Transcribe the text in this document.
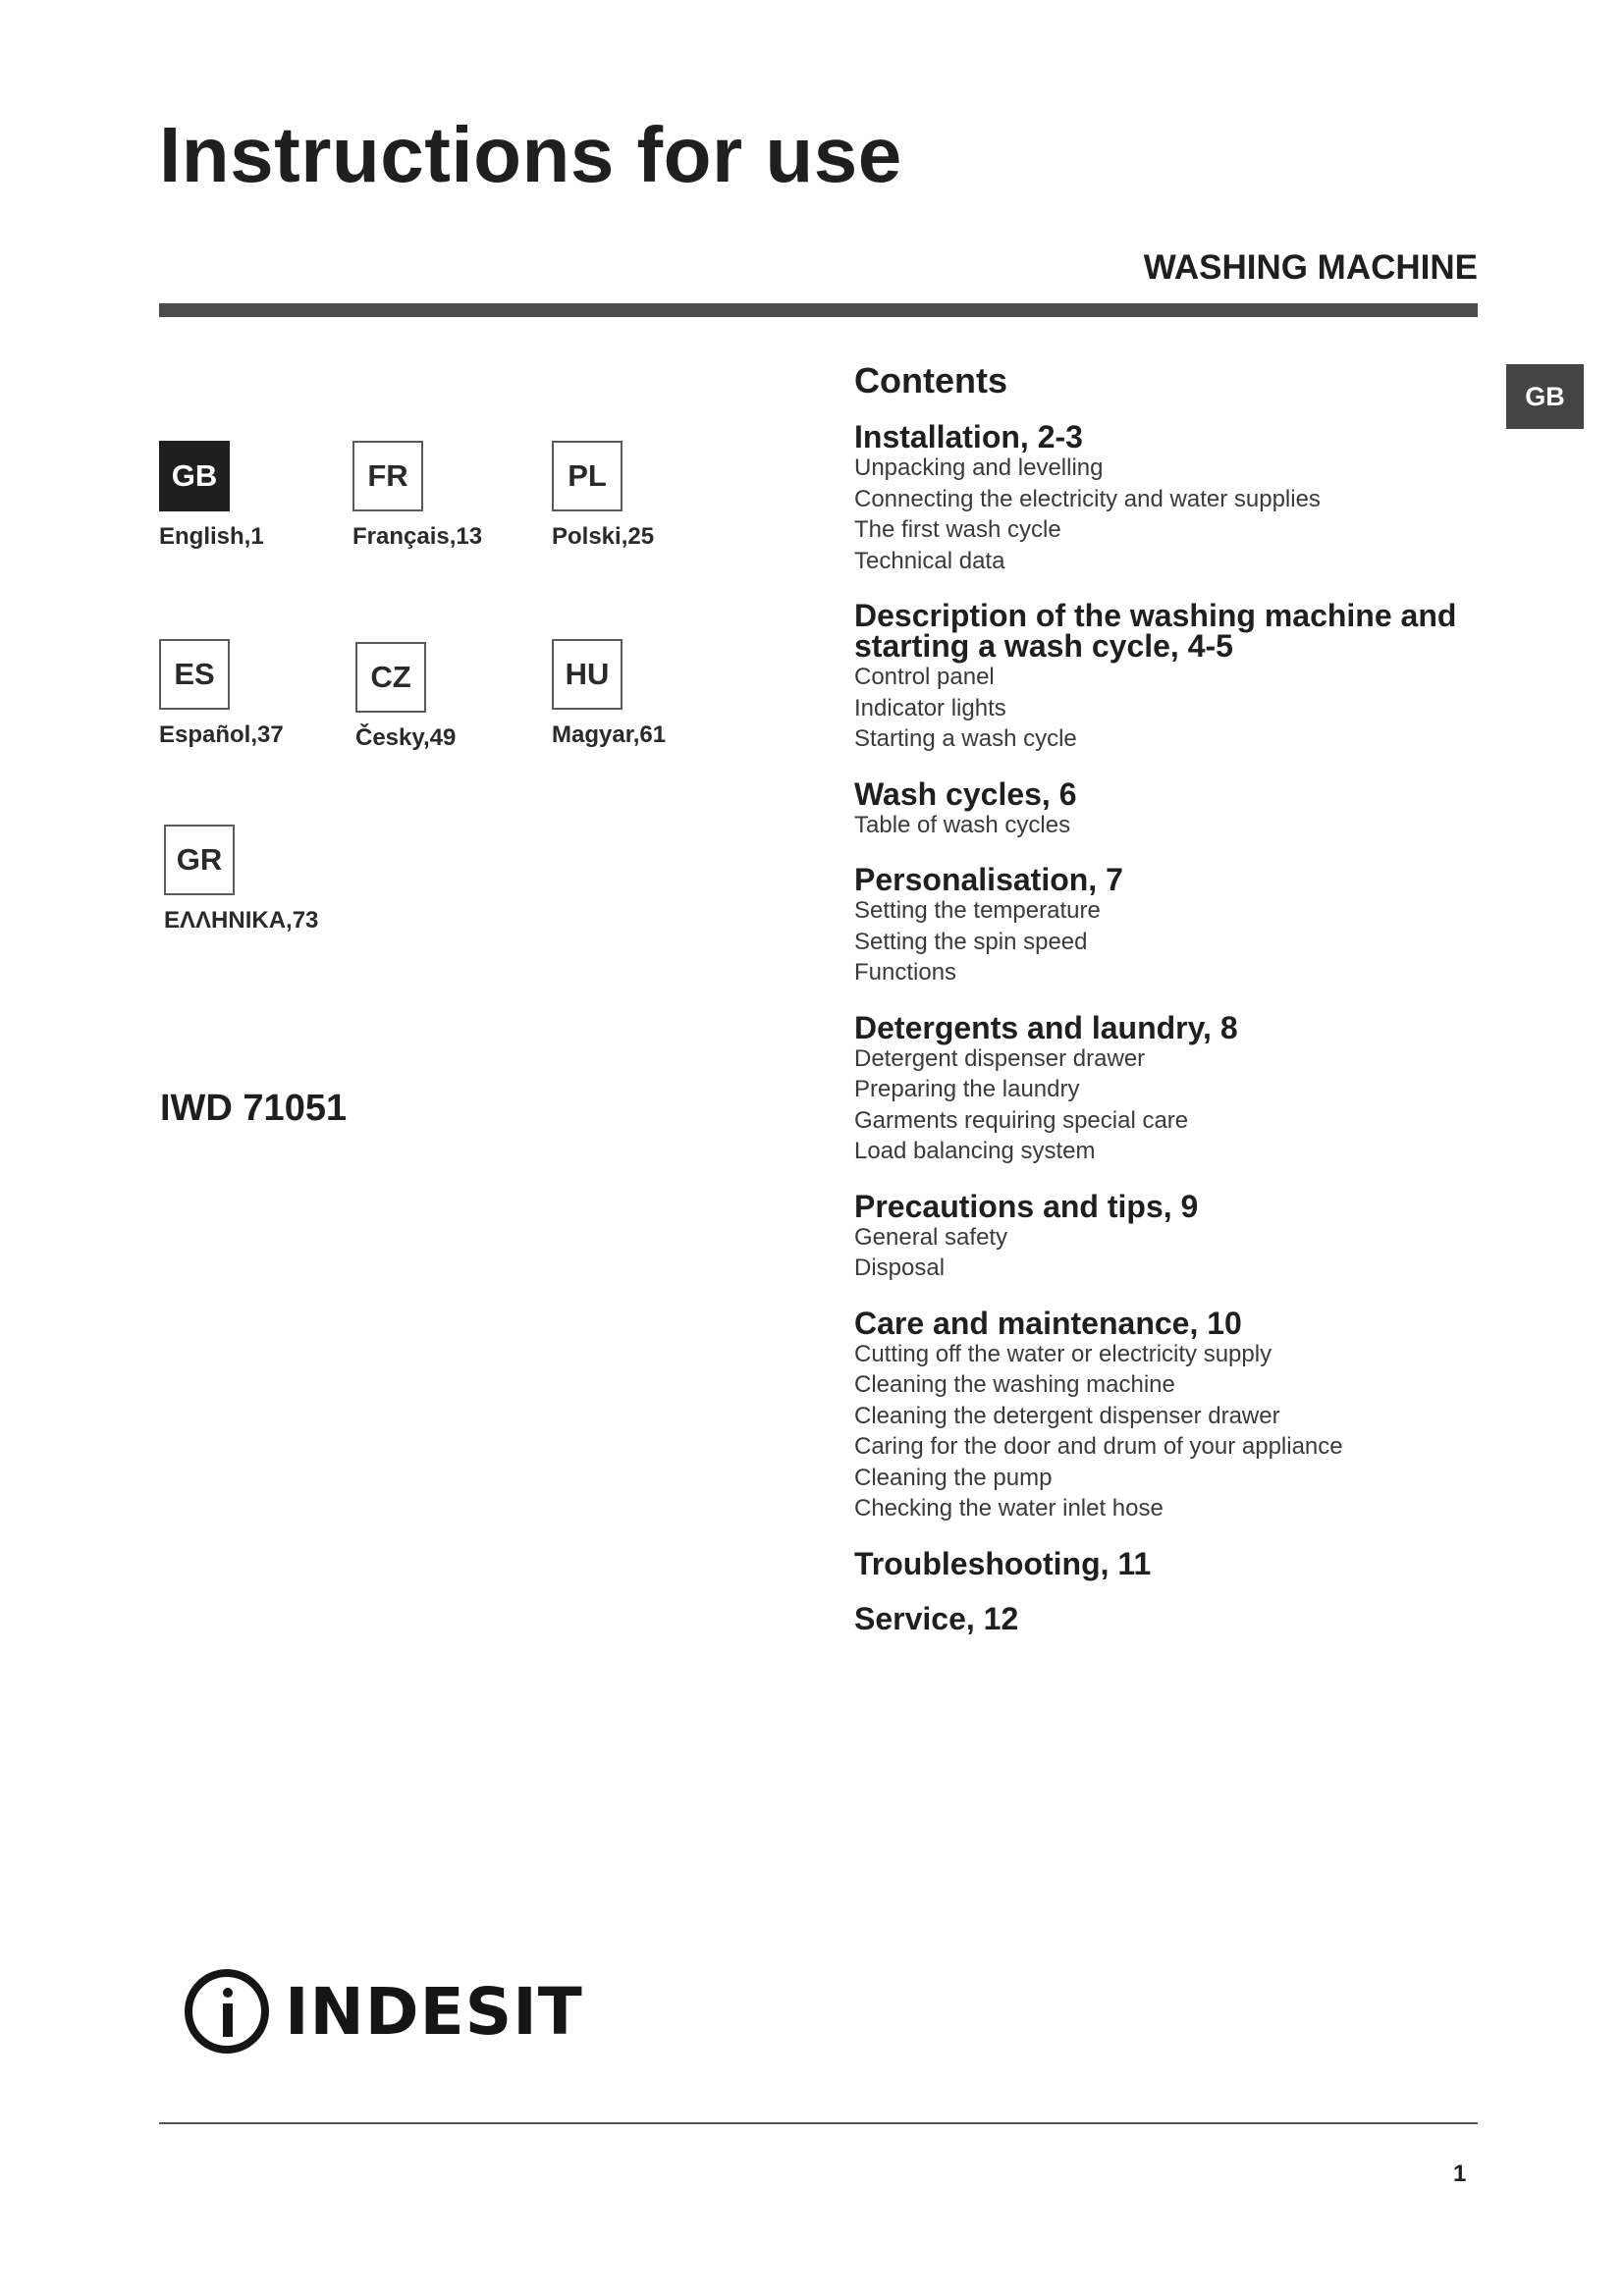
Instructions for use
WASHING MACHINE
GB
GB
English,1
FR
Français,13
PL
Polski,25
ES
Español,37
CZ
Česky,49
HU
Magyar,61
GR
ΕΛΛΗΝΙΚΑ,73
IWD 71051
Contents
Installation, 2-3
Unpacking and levelling
Connecting the electricity and water supplies
The first wash cycle
Technical data
Description of the washing machine and starting a wash cycle, 4-5
Control panel
Indicator lights
Starting a wash cycle
Wash cycles, 6
Table of wash cycles
Personalisation, 7
Setting the temperature
Setting the spin speed
Functions
Detergents and laundry, 8
Detergent dispenser drawer
Preparing the laundry
Garments requiring special care
Load balancing system
Precautions and tips, 9
General safety
Disposal
Care and maintenance, 10
Cutting off the water or electricity supply
Cleaning the washing machine
Cleaning the detergent dispenser drawer
Caring for the door and drum of your appliance
Cleaning the pump
Checking the water inlet hose
Troubleshooting, 11
Service, 12
INDESIT
1
